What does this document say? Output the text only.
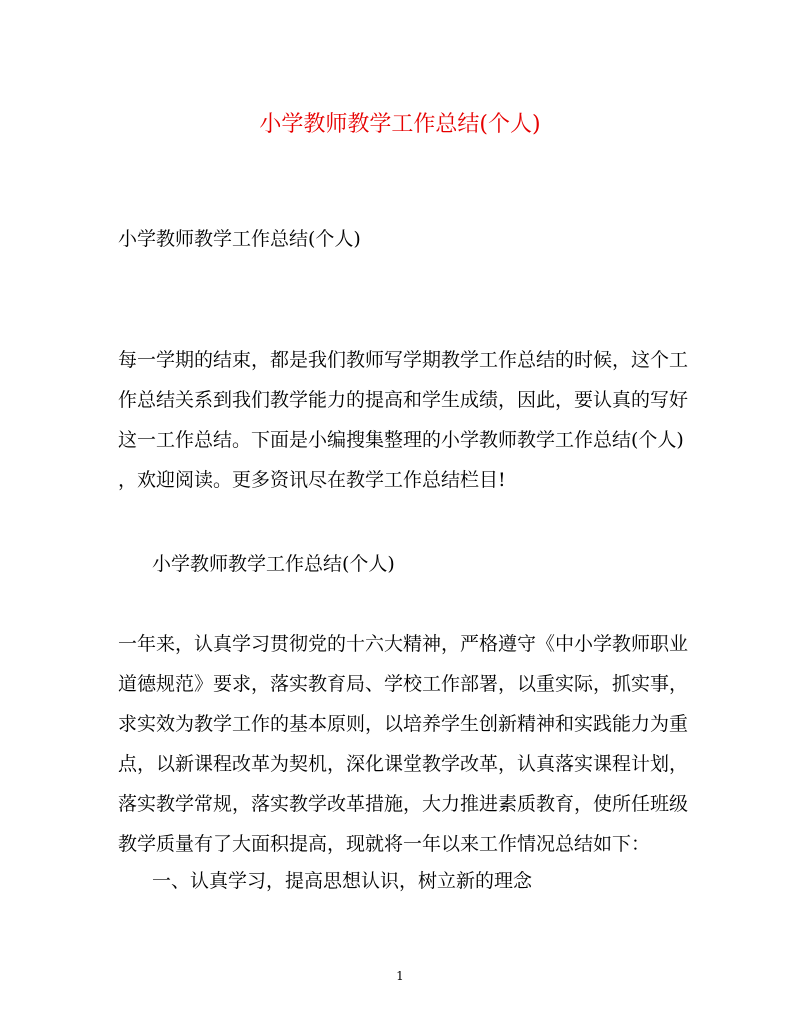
小学教师教学工作总结(个人)

小学教师教学工作总结(个人)

每一学期的结束，都是我们教师写学期教学工作总结的时候，这个工
作总结关系到我们教学能力的提高和学生成绩，因此，要认真的写好
这一工作总结。下面是小编搜集整理的小学教师教学工作总结(个人)
，欢迎阅读。更多资讯尽在教学工作总结栏目!

小学教师教学工作总结(个人)

一年来，认真学习贯彻党的十六大精神，严格遵守《中小学教师职业
道德规范》要求，落实教育局、学校工作部署，以重实际，抓实事，
求实效为教学工作的基本原则，以培养学生创新精神和实践能力为重
点，以新课程改革为契机，深化课堂教学改革，认真落实课程计划，
落实教学常规，落实教学改革措施，大力推进素质教育，使所任班级
教学质量有了大面积提高，现就将一年以来工作情况总结如下：

一、认真学习，提高思想认识，树立新的理念

1
